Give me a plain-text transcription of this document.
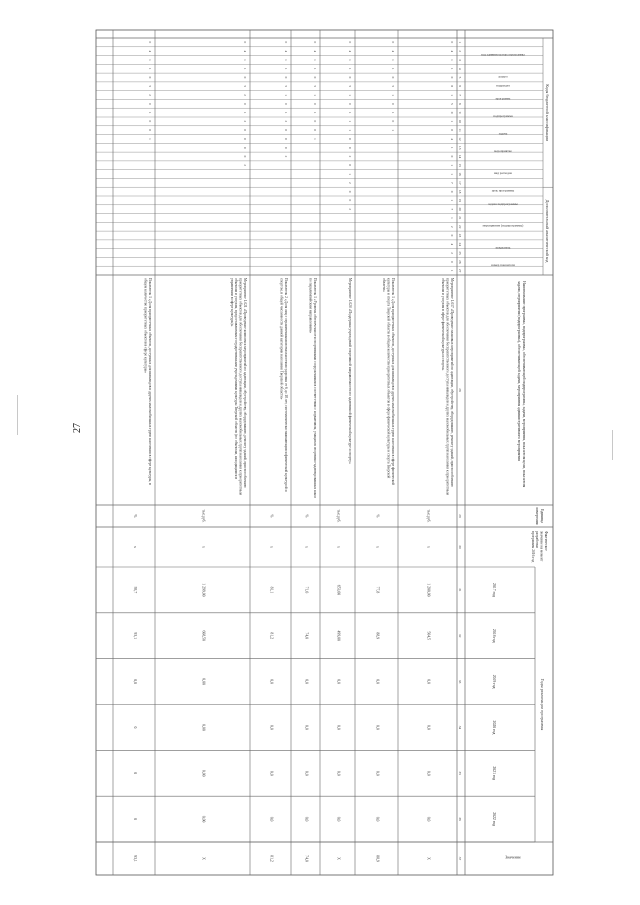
Коды бюджетной классификации
Дополнительный аналитический код
Годы реализации программы
Значение
Наименование программы, подпрограммы, обеспечивающей подпрограммы, задачи, мероприятия, показателя цели, показателязадачи, мероприятия (подпрограммы), обеспечивающей задачи, мероприятия административного мероприятия
Единица
измерения
Фактическоезначение на моментразработкипрограммы 2016 год
2017 год
2018 год
2019 год
2020 год
2021 год
2022 год
код администратора программы
раздел
подраздел
программа
подпрограмма
задача
мероприятие
вид расходов
цель программы
задача подпрограммы
мероприятие (подпрограммы)
показатель
номер показателя
1
2
3
4
5
6
7
8
9
10
11
12
13
14
15
16
17
18
19
20
21
22
23
24
25
26
27
28
29
30
31
32
33
34
35
36
37
0
4
1
1
0
8
1
5
0
1
0
4
1
0
1
1
7
0
1
7
1
2
0
4
2
0
1
Мероприятие 1.017 «Проведение плановых мероприятий по адаптации, обустройству, оборудованию, ремонту зданий, приспособлениюприоритетных объектов для обеспечения беспрепятственного доступа инвалидов и других маломобильных групп населения к приоритетнымобъектам и услугам в сфере физической культуры и спорта»
тыс.руб.
х
1 200,00
504,5
0,0
0,0
0,0
0,0
Х
0
4
1
1
0
5
1
0
1
0
1
Показатель 1 «Доля приоритетных объектов, доступных для инвалидов и других маломобильных групп населения в сфере физическойкультуры и спорта Тверской области в общем количестве приоритетных объектов в сфере физической культуры и спорта Тверскойобласти»
%
х
77,8
88,9
0,0
0,0
0,0
0,0
88,9
0
4
1
1
0
5
1
0
1
1
1
0
0
2
0
1
2
0
0
2
Мероприятие 1.020 «Поддержка учреждений спортивной направленности по адаптивной физической культуре и спорту»
тыс.руб.
х
653,00
499,00
0,0
0,0
0,0
0,0
Х
0
4
1
1
0
5
1
0
1
0
0
1
Показатель 1 «Уровень обеспеченности спортивными сооружениями в соответствии с нормативом, учащихся спортивно-адаптированных школпо паралимпийским направлениям»
%
х
71,0
74,0
0,0
0,0
0,0
0,0
74,0
0
4
1
1
0
5
1
0
1
2
0
0
0
2
Показатель 2 «Доля лиц с ограниченными возможностями здоровья от 6 до 18 лет, систематически занимающихся физической культурой испортом, в общей численности данной категории населения Тверской области»
%
х
81,1
81,2
0,0
0,0
0,0
0,0
81,2
0
4
1
1
0
5
2
0
1
2
0
0
0
0
2
Мероприятие 1.021 «Проведение комплекса мероприятий по адаптации, обустройству, оборудованию, ремонту зданий, приспособлениюприоритетных объектов для обеспечения беспрепятственного доступа инвалидов и других маломобильных групп населения к приоритетнымобъектам и услугам, предоставляемым государственными учреждениями культуры Тверской области (по объектам, находящимся вуправлении в сфере культуры)»
тыс.руб.
х
1 299,00
608,50
0,00
0,00
0,00
0,00
Х
0
4
1
1
0
5
2
0
1
0
0
1
Показатель 1 «Доля приоритетных объектов, доступных для инвалидов и других маломобильных групп населения в сфере культуры, вобщем количестве приоритетных объектов в сфере культуры»
%
х
93,7
93,1
0,0
0
0
0
93,1
27
